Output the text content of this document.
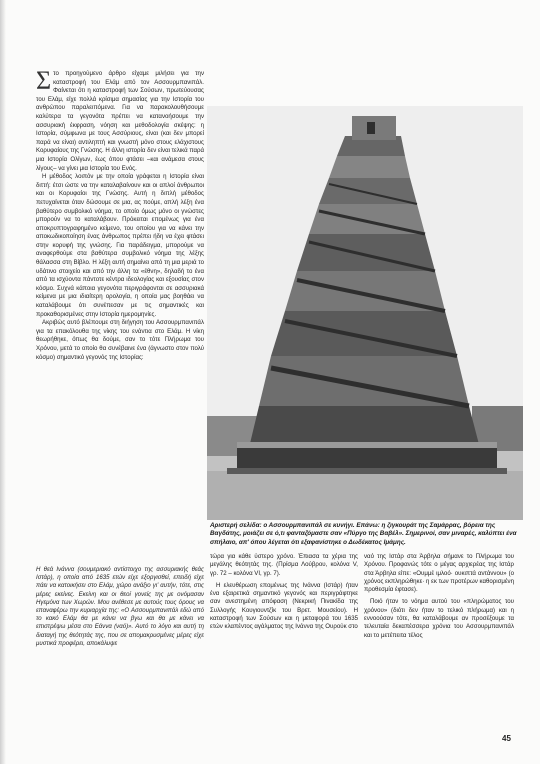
Στο προηγούμενο άρθρο είχαμε μιλήσει για την καταστροφή του Ελάμ από τον Ασσουρμπανιπάλ. Φαίνεται ότι η καταστροφή των Σούσων, πρωτεύουσας του Ελάμ, είχε πολλά κρίσιμα σημασίας για την Ιστορία του ανθρώπου παραλειπόμενα. Για να παρακολουθήσουμε καλύτερα τα γεγονότα πρέπει να κατανοήσουμε την ασσυριακή έκφραση, νόηση και μεθοδολογία σκέψης: η Ιστορία, σύμφωνα με τους Ασσύριους, είναι (και δεν μπορεί παρά να είναι) αντιληπτή και γνωστή μόνο στους ελάχιστους Κορυφαίους της Γνώσης. Η άλλη ιστορία δεν είναι τελικά παρά μια Ιστορία Ολίγων, έως όπου φτάσει –και ανάμεσα στους λίγους– να γίνει μια Ιστορία του Ενός.

Η μέθοδος λοιπόν με την οποία γράφεται η Ιστορία είναι διττή: έτσι ώστε να την καταλαβαίνουν και οι απλοί άνθρωποι και οι Κορυφαίοι της Γνώσης. Αυτή η διπλή μέθοδος πετυχαίνεται όταν δώσουμε σε μια, ας πούμε, απλή λέξη ένα βαθύτερο συμβολικό νόημα, το οποίο όμως μόνο οι γνώστες μπορούν να το καταλάβουν. Πρόκειται επομένως για ένα αποκρυπτογραφημένο κείμενο, του οποίου για να κάνει την αποκωδικοποίηση ένας άνθρωπος πρέπει ήδη να έχει φτάσει στην κορυφή της γνώσης. Για παράδειγμα, μπορούμε να αναφερθούμε στα βαθύτερα συμβολικό νόημα της λέξης θάλασσα στη Βίβλο. Η λέξη αυτή σημαίνει από τη μια μεριά το υδάτινο στοιχείο και από την άλλη τα «έθνη», δηλαδή το ένα από τα ισχύοντα πάντοτε κέντρα ιδεολογίας και εξουσίας στον κόσμο. Συχνά κάποια γεγονότα περιγράφονται σε ασσυριακά κείμενα με μια ιδιαίτερη ορολογία, η οποία μας βοηθάει να καταλάβουμε ότι συνέπεσαν με τις σημαντικές και προκαθορισμένες στην Ιστορία ημερομηνίες.

Ακριβώς αυτό βλέπουμε στη διήγηση του Ασσουρμπανιπάλ για τα επακόλουθα της νίκης του ενάντια στο Ελάμ. Η νίκη θεωρήθηκε, όπως θα δούμε, σαν το τότε Πλήρωμα του Χρόνου, μετά το οποίο θα συνέβαινε ένα (άγνωστο στον πολύ κόσμο) σημαντικό γεγονός της Ιστορίας:

Η θεά Ινάννα (σουμεριακό αντίστοιχο της ασσυριακής θεάς Ιστάρ), η οποία από 1635 ετών είχε εξοργισθεί, επειδή είχε πάει να κατοικήσει στο Ελάμ, χώρο ανάξιο γι' αυτήν, τότε, στις μέρες εκείνες. Εκείνη και οι θεοί γονείς της με ονόμασαν Ηγεμόνα των Χωρών. Μου ανέθεσε με αυτούς τους όρους να επαναφέρω την κυριαρχία της: «Ο Ασσουρμπανιπάλ εδώ από το κακό Ελάμ θα με κάνει να βγω και θα με κάνει να επιστρέψω μέσα στο Εάννα (ναό)». Αυτό το λόγο και αυτή τη διαταγή της θεότητάς της, που σε απομακρυσμένες μέρες είχε μυστικά προφέρει, αποκάλυψε
Αριστερή σελίδα: ο Ασσουρμπανιπάλ σε κυνήγι. Επάνω: η ζιγκουράτ της Σαμάρρας, βόρεια της Βαγδάτης, μοιάζει σε ό,τι φανταζόμαστε σαν «Πύργο της Βαβέλ». Σημερινοί, σαν μιναρές, καλύπτει ένα σπήλαιο, απ' όπου λέγεται ότι εξαφανίστηκε ο Δωδέκατος Ιμάμης.

τώρα για κάθε ύστερο χρόνο. Έπιασα τα χέρια της μεγάλης θεότητάς της. (Πρίσμα Λούβρου, κολόνα V, γρ. 72 – κολόνα VI, γρ. 7).

Η ελευθέρωση επομένως της Ινάννα (Ιστάρ) ήταν ένα εξαιρετικά σημαντικό γεγονός και περιγράφτηκε σαν ανεστημένη απόφαση (Νεκρική Πινακίδα της Συλλογής Κουγιουντζίκ του Βρετ. Μουσείου). Η καταστροφή των Σούσων και η μεταφορά του 1635 ετών κλαπέντος αγάλματος της Ινάννα της Ουρούκ στο

ναό της Ιστάρ στα Άρβηλα σήμανε το Πλήρωμα του Χρόνου. Προφανώς τότε ο μέγας αρχιερέας της Ιστάρ στα Άρβηλα είπε: «Ουμμέ ιμλοό· ουκιπτά αντάννου» (ο χρόνος εκπληρώθηκε· η εκ των προτέρων καθορισμένη προθεσμία έφτασε).

Ποιό ήταν το νόημα αυτού του «πληρώματος του χρόνου» (διότι δεν ήταν το τελικό πλήρωμα) και η εννοούσαν τότε, θα καταλάβουμε αν προσέξουμε τα τελευταία δεκαπέσσερα χρόνια του Ασσουρμπανιπάλ και το μετέπειτα τέλος

45
